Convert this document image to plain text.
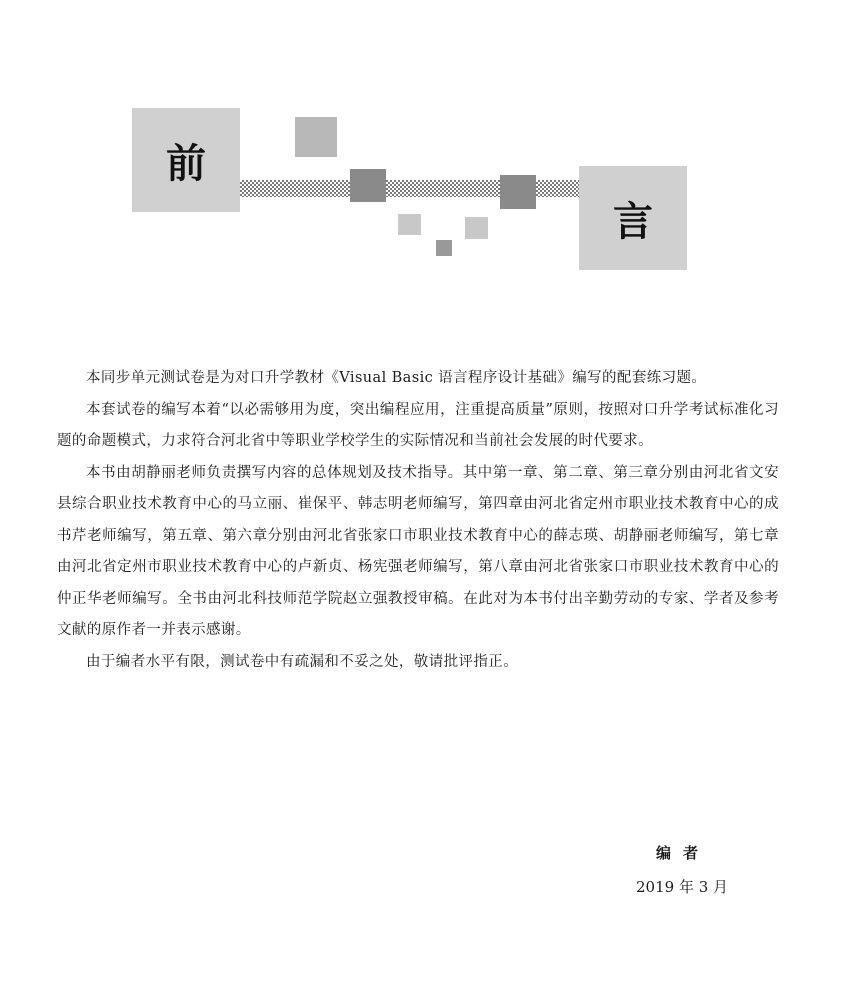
前
言

本同步单元测试卷是为对口升学教材《Visual Basic 语言程序设计基础》编写的配套练习题。

本套试卷的编写本着“以必需够用为度，突出编程应用，注重提高质量”原则，按照对口升学考试标准化习题的命题模式，力求符合河北省中等职业学校学生的实际情况和当前社会发展的时代要求。

本书由胡静丽老师负责撰写内容的总体规划及技术指导。其中第一章、第二章、第三章分别由河北省文安县综合职业技术教育中心的马立丽、崔保平、韩志明老师编写，第四章由河北省定州市职业技术教育中心的成书芹老师编写，第五章、第六章分别由河北省张家口市职业技术教育中心的薛志瑛、胡静丽老师编写，第七章由河北省定州市职业技术教育中心的卢新贞、杨宪强老师编写，第八章由河北省张家口市职业技术教育中心的仲正华老师编写。全书由河北科技师范学院赵立强教授审稿。在此对为本书付出辛勤劳动的专家、学者及参考文献的原作者一并表示感谢。

由于编者水平有限，测试卷中有疏漏和不妥之处，敬请批评指正。

编者
2019 年 3 月
